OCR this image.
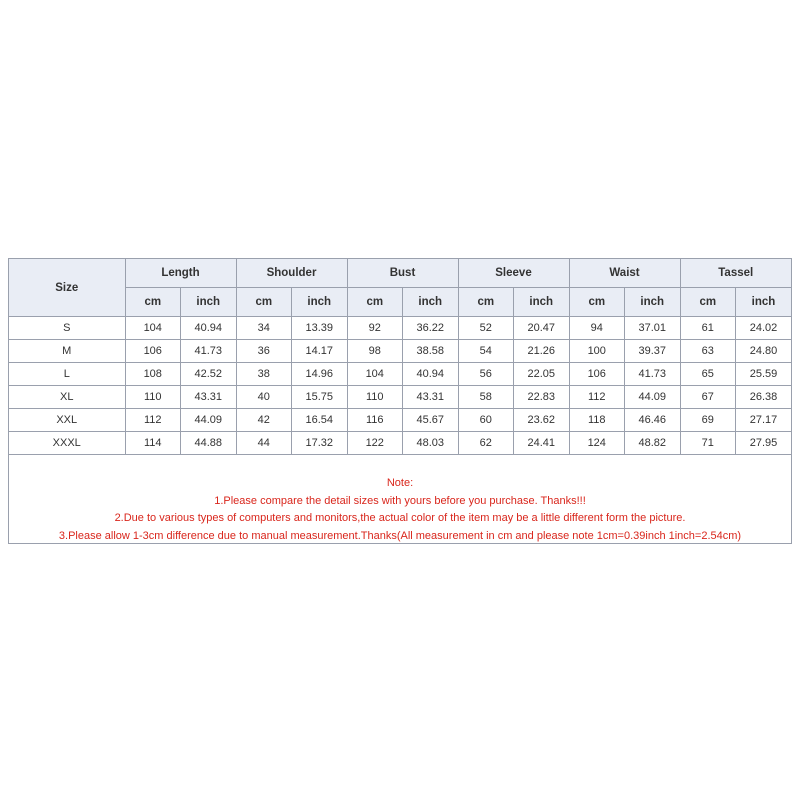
Size	Length		Shoulder		Bust		Sleeve		Waist		Tassel	
	cm	inch	cm	inch	cm	inch	cm	inch	cm	inch	cm	inch
S	104	40.94	34	13.39	92	36.22	52	20.47	94	37.01	61	24.02
M	106	41.73	36	14.17	98	38.58	54	21.26	100	39.37	63	24.80
L	108	42.52	38	14.96	104	40.94	56	22.05	106	41.73	65	25.59
XL	110	43.31	40	15.75	110	43.31	58	22.83	112	44.09	67	26.38
XXL	112	44.09	42	16.54	116	45.67	60	23.62	118	46.46	69	27.17
XXXL	114	44.88	44	17.32	122	48.03	62	24.41	124	48.82	71	27.95
Note:
1.Please compare the detail sizes with yours before you purchase. Thanks!!!
2.Due to various types of computers and monitors,the actual color of the item may be a little different form the picture.
3.Please allow 1-3cm difference due to manual measurement.Thanks(All measurement in cm and please note 1cm=0.39inch 1inch=2.54cm)
